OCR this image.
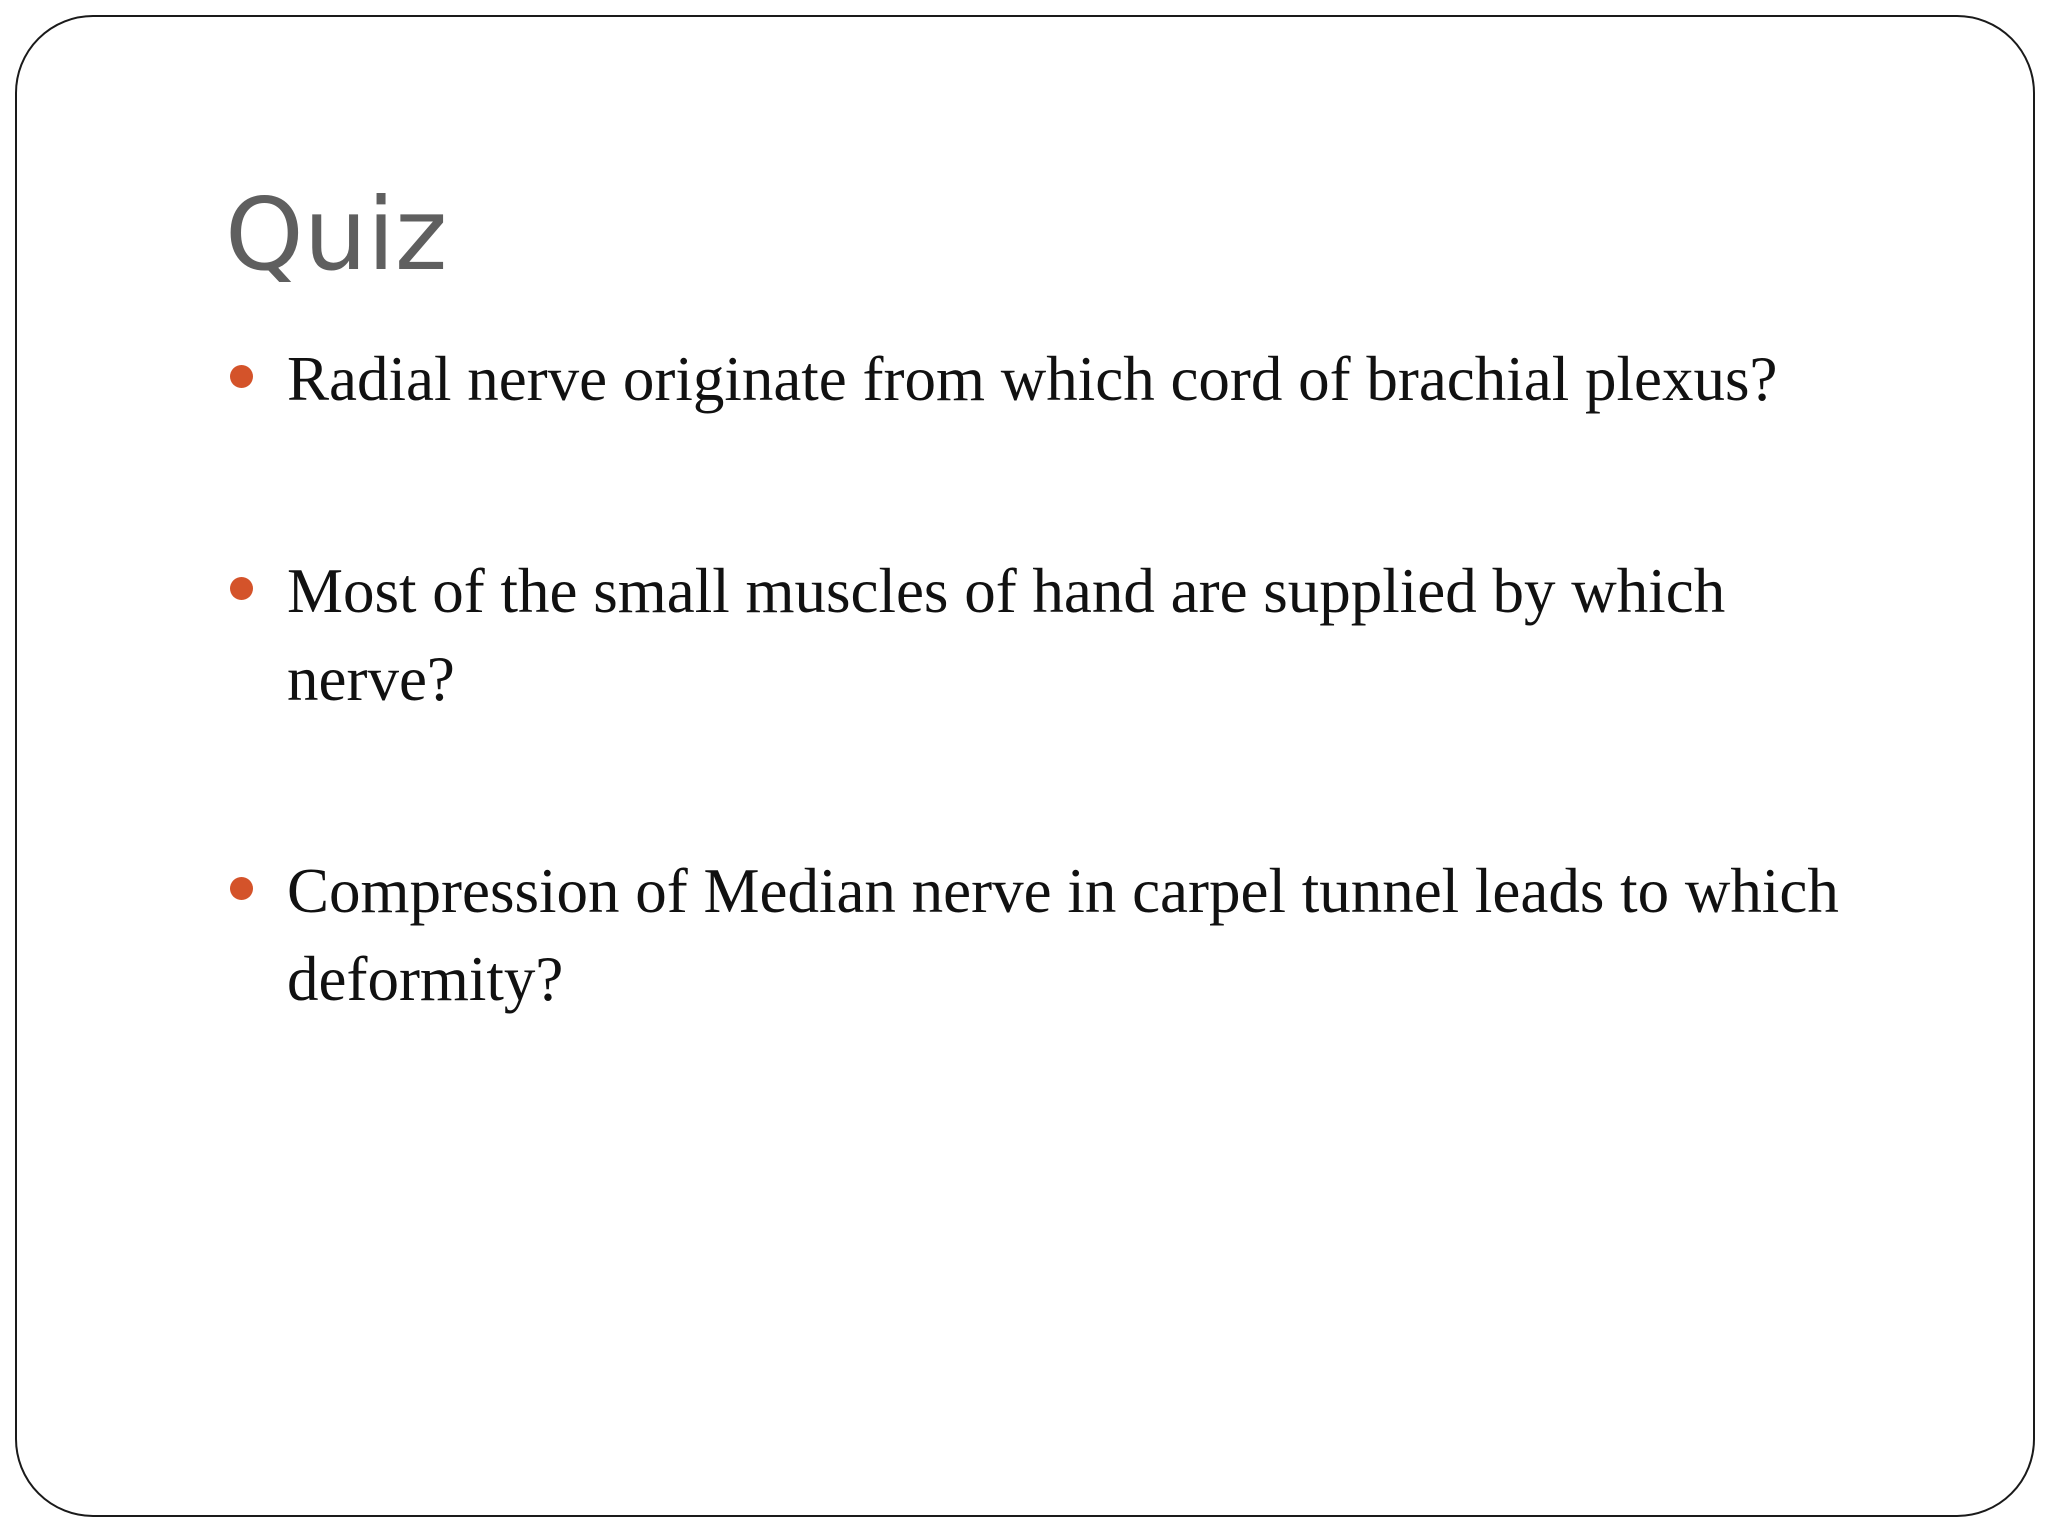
Quiz
Radial nerve originate from which cord of brachial plexus?
Most of the small muscles of hand are supplied by which nerve?
Compression of Median nerve in carpel tunnel leads to which deformity?
